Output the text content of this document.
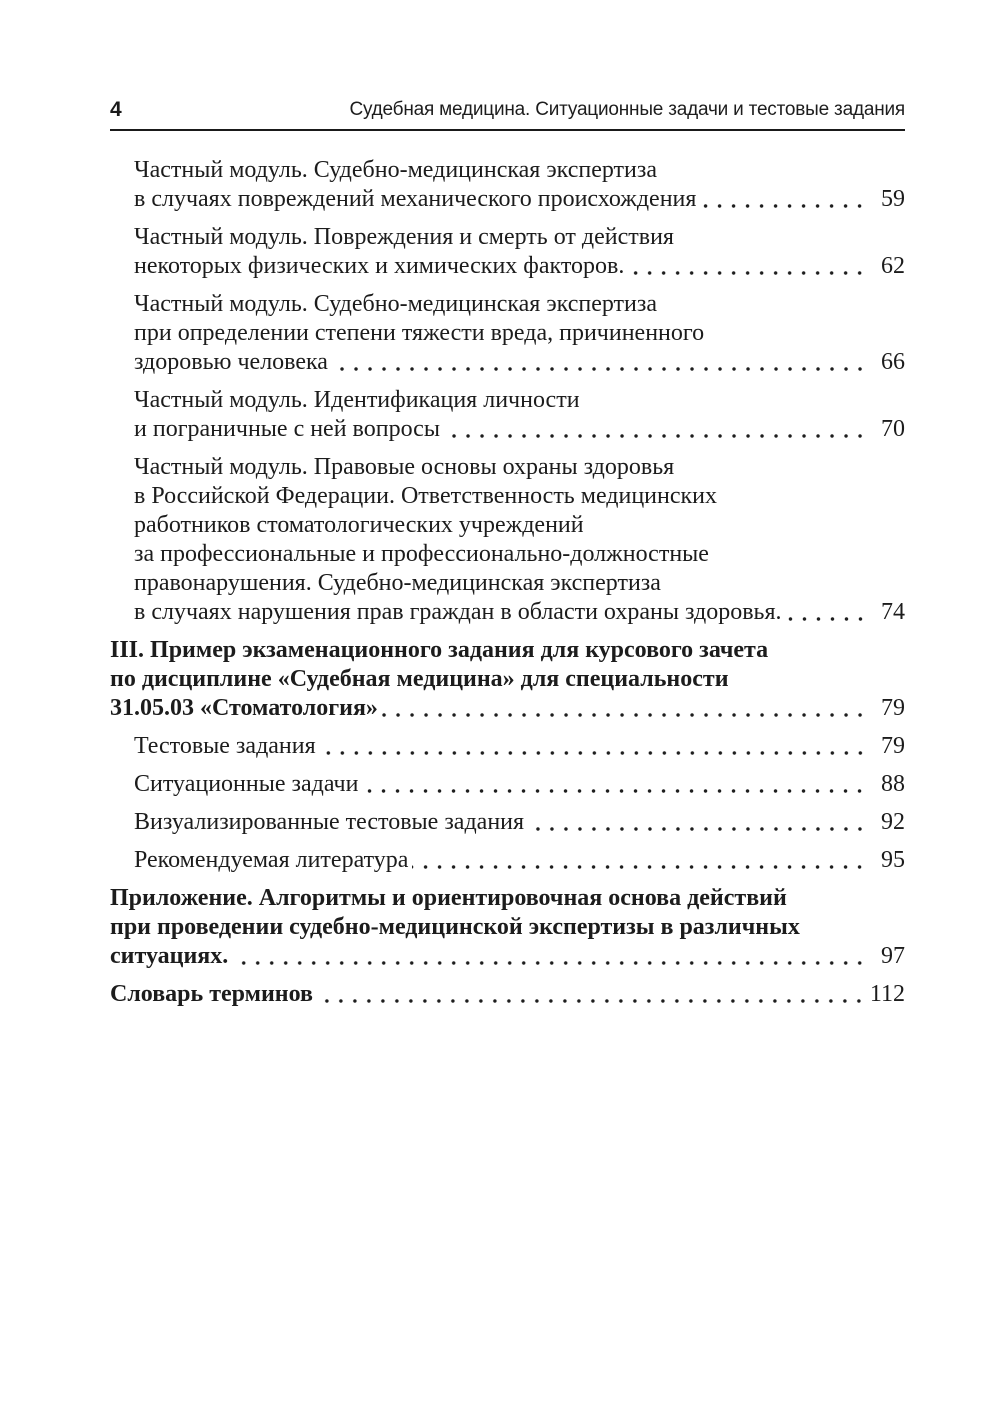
4	Судебная медицина. Ситуационные задачи и тестовые задания
Частный модуль. Судебно-медицинская экспертиза
в случаях повреждений механического происхождения	59
Частный модуль. Повреждения и смерть от действия
некоторых физических и химических факторов.	62
Частный модуль. Судебно-медицинская экспертиза
при определении степени тяжести вреда, причиненного
здоровью человека	66
Частный модуль. Идентификация личности
и пограничные с ней вопросы	70
Частный модуль. Правовые основы охраны здоровья
в Российской Федерации. Ответственность медицинских
работников стоматологических учреждений
за профессиональные и профессионально-должностные
правонарушения. Судебно-медицинская экспертиза
в случаях нарушения прав граждан в области охраны здоровья.	74
III. Пример экзаменационного задания для курсового зачета
по дисциплине «Судебная медицина» для специальности
31.05.03 «Стоматология»	79
Тестовые задания	79
Ситуационные задачи	88
Визуализированные тестовые задания	92
Рекомендуемая литература	95
Приложение. Алгоритмы и ориентировочная основа действий
при проведении судебно-медицинской экспертизы в различных
ситуациях.	97
Словарь терминов	112
